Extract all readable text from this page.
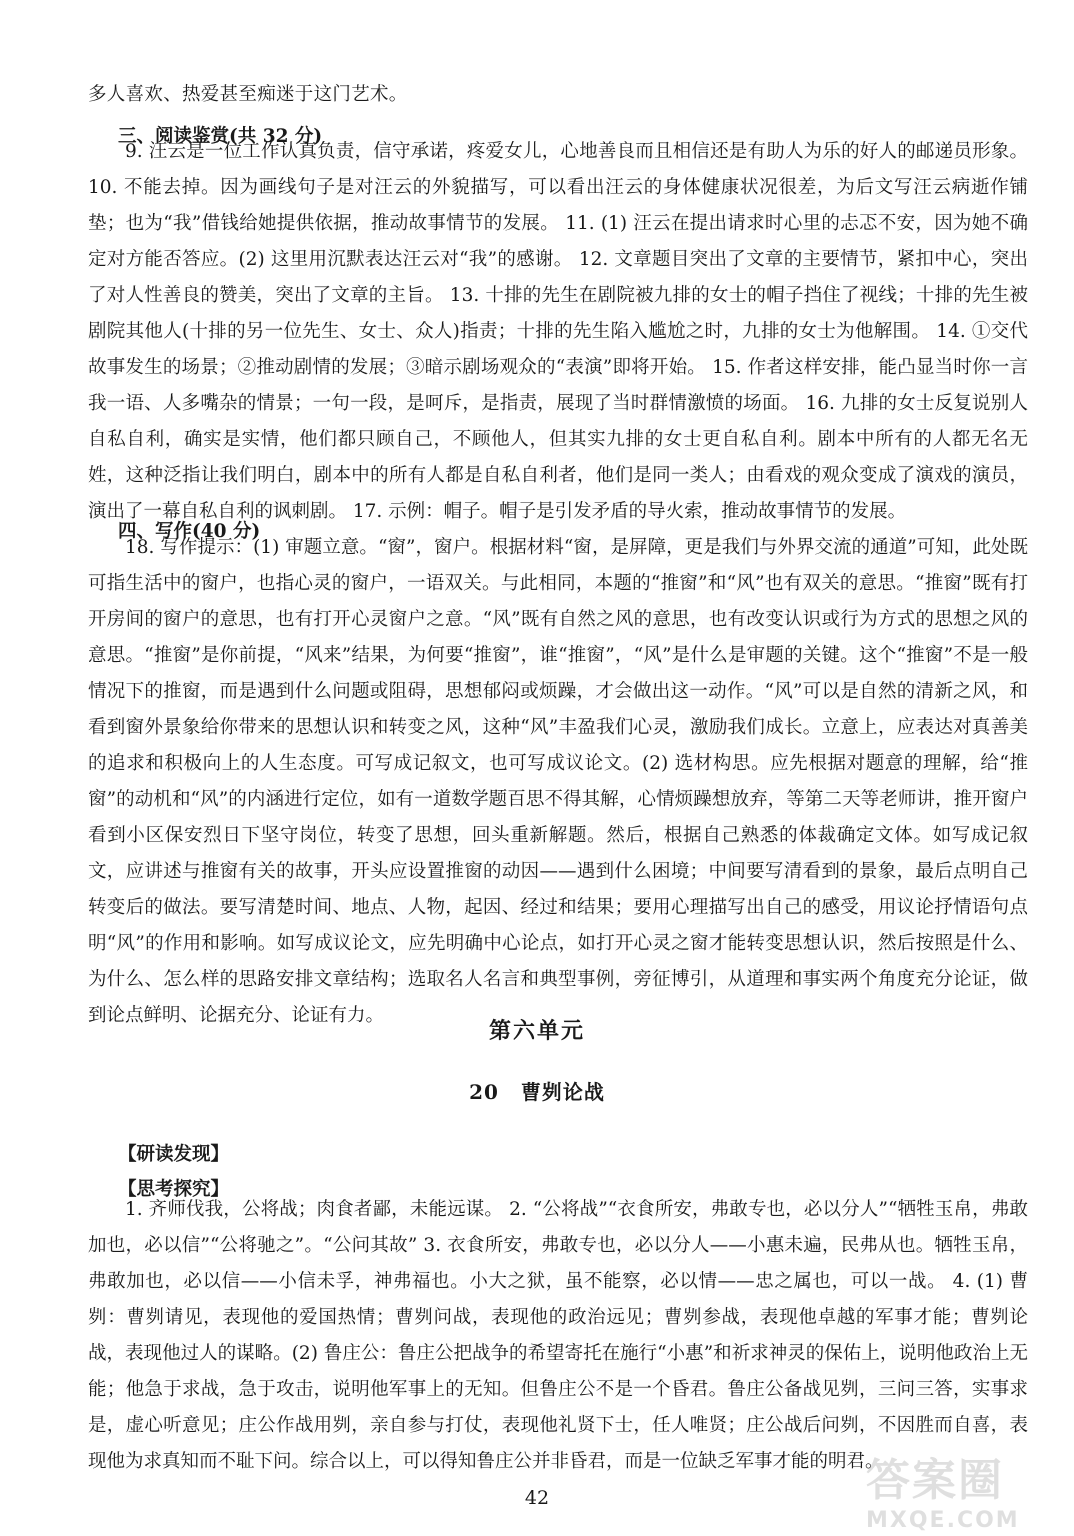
多人喜欢、热爱甚至痴迷于这门艺术。
三、阅读鉴赏(共 32 分)
9. 汪云是一位工作认真负责，信守承诺，疼爱女儿，心地善良而且相信还是有助人为乐的好人的邮递员形象。 10. 不能去掉。因为画线句子是对汪云的外貌描写，可以看出汪云的身体健康状况很差，为后文写汪云病逝作铺垫；也为“我”借钱给她提供依据，推动故事情节的发展。 11. (1) 汪云在提出请求时心里的忐忑不安，因为她不确定对方能否答应。(2) 这里用沉默表达汪云对“我”的感谢。 12. 文章题目突出了文章的主要情节，紧扣中心，突出了对人性善良的赞美，突出了文章的主旨。 13. 十排的先生在剧院被九排的女士的帽子挡住了视线；十排的先生被剧院其他人(十排的另一位先生、女士、众人)指责；十排的先生陷入尴尬之时，九排的女士为他解围。 14. ①交代故事发生的场景；②推动剧情的发展；③暗示剧场观众的“表演”即将开始。 15. 作者这样安排，能凸显当时你一言我一语、人多嘴杂的情景；一句一段，是呵斥，是指责，展现了当时群情激愤的场面。 16. 九排的女士反复说别人自私自利，确实是实情，他们都只顾自己，不顾他人，但其实九排的女士更自私自利。剧本中所有的人都无名无姓，这种泛指让我们明白，剧本中的所有人都是自私自利者，他们是同一类人；由看戏的观众变成了演戏的演员，演出了一幕自私自利的讽刺剧。 17. 示例：帽子。帽子是引发矛盾的导火索，推动故事情节的发展。
四、写作(40 分)
18. 写作提示：(1) 审题立意。“窗”，窗户。根据材料“窗，是屏障，更是我们与外界交流的通道”可知，此处既可指生活中的窗户，也指心灵的窗户，一语双关。与此相同，本题的“推窗”和“风”也有双关的意思。“推窗”既有打开房间的窗户的意思，也有打开心灵窗户之意。“风”既有自然之风的意思，也有改变认识或行为方式的思想之风的意思。“推窗”是你前提，“风来”结果，为何要“推窗”，谁“推窗”，“风”是什么是审题的关键。这个“推窗”不是一般情况下的推窗，而是遇到什么问题或阻碍，思想郁闷或烦躁，才会做出这一动作。“风”可以是自然的清新之风，和看到窗外景象给你带来的思想认识和转变之风，这种“风”丰盈我们心灵，激励我们成长。立意上，应表达对真善美的追求和积极向上的人生态度。可写成记叙文，也可写成议论文。(2) 选材构思。应先根据对题意的理解，给“推窗”的动机和“风”的内涵进行定位，如有一道数学题百思不得其解，心情烦躁想放弃，等第二天等老师讲，推开窗户看到小区保安烈日下坚守岗位，转变了思想，回头重新解题。然后，根据自己熟悉的体裁确定文体。如写成记叙文，应讲述与推窗有关的故事，开头应设置推窗的动因——遇到什么困境；中间要写清看到的景象，最后点明自己转变后的做法。要写清楚时间、地点、人物，起因、经过和结果；要用心理描写出自己的感受，用议论抒情语句点明“风”的作用和影响。如写成议论文，应先明确中心论点，如打开心灵之窗才能转变思想认识，然后按照是什么、为什么、怎么样的思路安排文章结构；选取名人名言和典型事例，旁征博引，从道理和事实两个角度充分论证，做到论点鲜明、论据充分、论证有力。
第六单元
20 曹刿论战
【研读发现】
【思考探究】
1. 齐师伐我，公将战；肉食者鄙，未能远谋。 2. “公将战”“衣食所安，弗敢专也，必以分人”“牺牲玉帛，弗敢加也，必以信”“公将驰之”。“公问其故” 3. 衣食所安，弗敢专也，必以分人——小惠未遍，民弗从也。牺牲玉帛，弗敢加也，必以信——小信未孚，神弗福也。小大之狱，虽不能察，必以情——忠之属也，可以一战。 4. (1) 曹刿：曹刿请见，表现他的爱国热情；曹刿问战，表现他的政治远见；曹刿参战，表现他卓越的军事才能；曹刿论战，表现他过人的谋略。(2) 鲁庄公：鲁庄公把战争的希望寄托在施行“小惠”和祈求神灵的保佑上，说明他政治上无能；他急于求战，急于攻击，说明他军事上的无知。但鲁庄公不是一个昏君。鲁庄公备战见刿，三问三答，实事求是，虚心听意见；庄公作战用刿，亲自参与打仗，表现他礼贤下士，任人唯贤；庄公战后问刿，不因胜而自喜，表现他为求真知而不耻下问。综合以上，可以得知鲁庄公并非昏君，而是一位缺乏军事才能的明君。
42	答案圈
MXQE.COM
